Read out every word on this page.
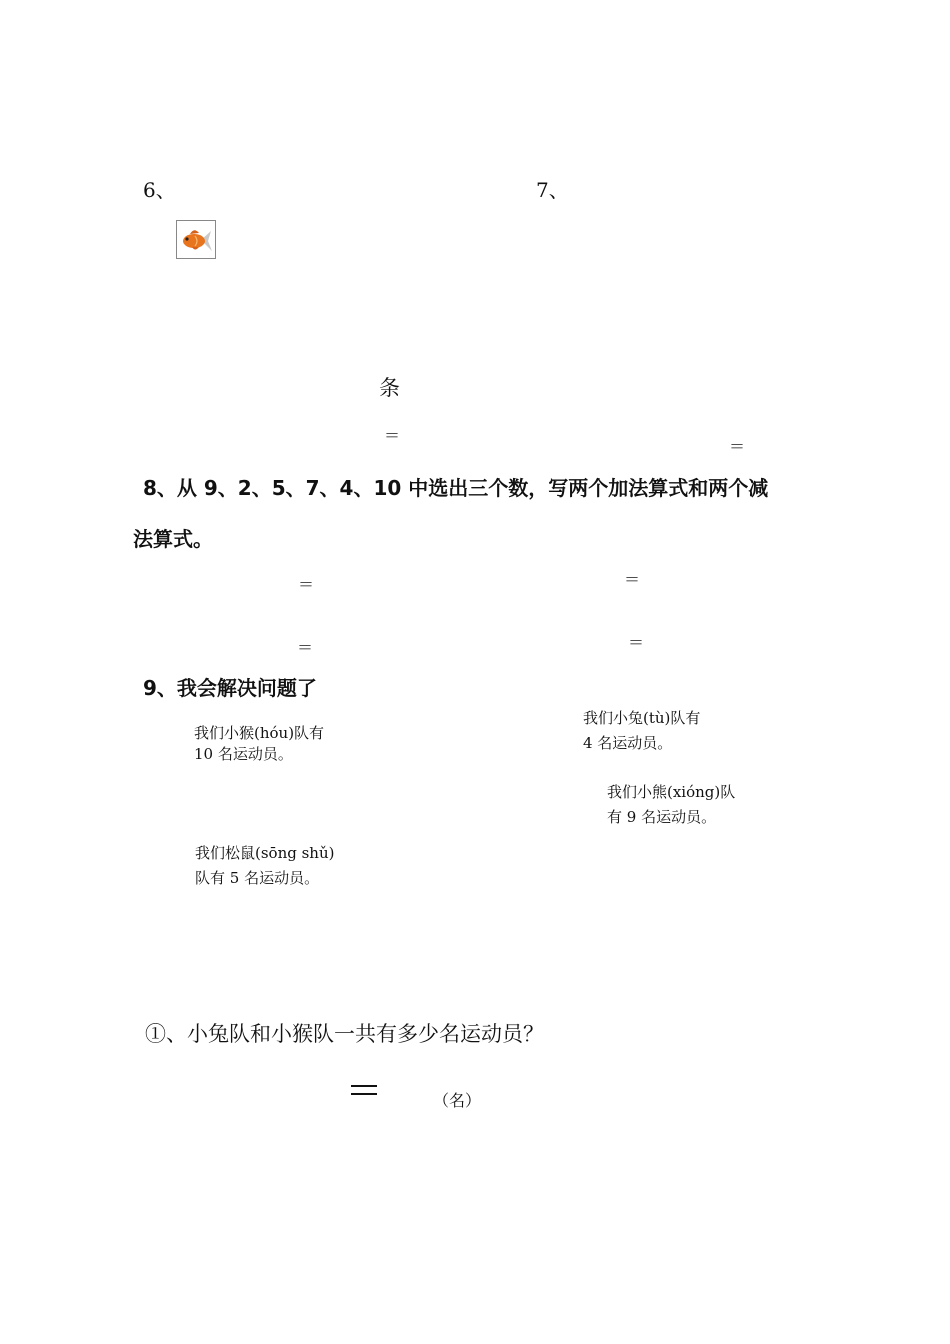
6、	7、
条
＝
＝
8、从 9、2、5、7、4、10 中选出三个数，写两个加法算式和两个减
法算式。
＝	＝
＝	＝
9、我会解决问题了
我们小猴(hóu)队有
10 名运动员。
我们小兔(tù)队有
4 名运动员。
我们小熊(xióng)队
有 9 名运动员。
我们松鼠(sōng shǔ)
队有 5 名运动员。
①、小兔队和小猴队一共有多少名运动员？
（名）
